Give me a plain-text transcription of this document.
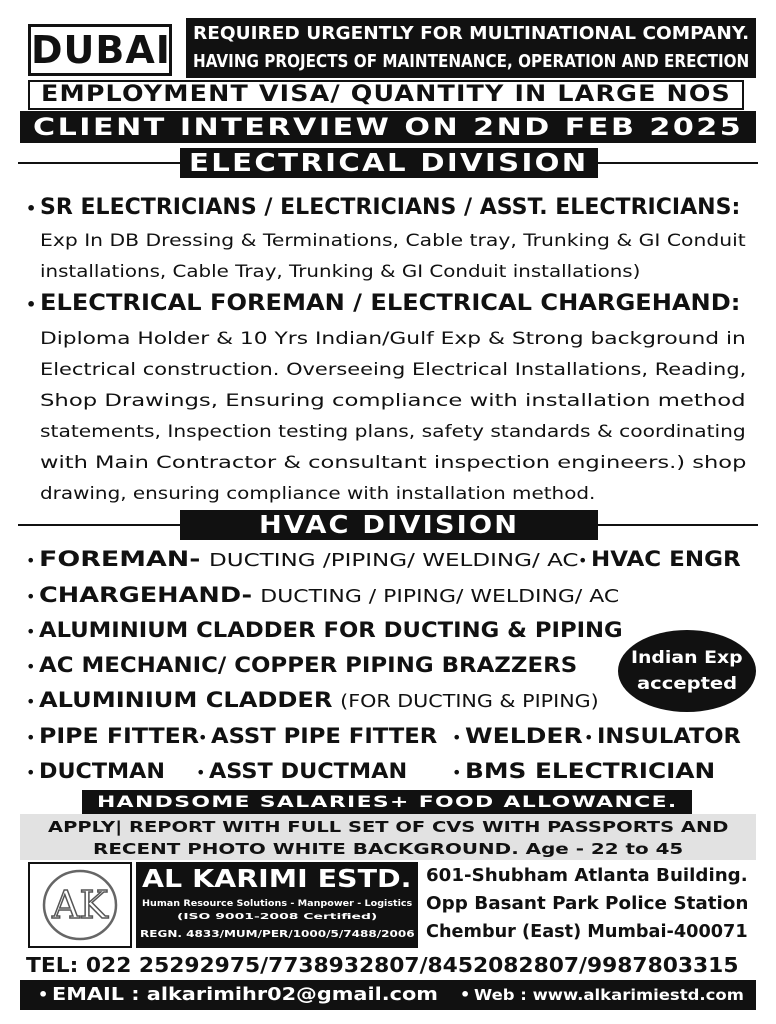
DUBAI	REQUIRED URGENTLY FOR MULTINATIONAL COMPANY.
HAVING PROJECTS OF MAINTENANCE, OPERATION AND ERECTION
EMPLOYMENT VISA/ QUANTITY IN LARGE NOS
CLIENT INTERVIEW ON 2ND FEB 2025
ELECTRICAL DIVISION
• SR ELECTRICIANS / ELECTRICIANS / ASST. ELECTRICIANS:

Exp In DB Dressing & Terminations, Cable tray, Trunking & GI Conduit

installations, Cable Tray, Trunking & GI Conduit installations)

• ELECTRICAL FOREMAN / ELECTRICAL CHARGEHAND:

Diploma Holder & 10 Yrs Indian/Gulf Exp & Strong background in

Electrical construction. Overseeing Electrical Installations, Reading,

Shop Drawings, Ensuring compliance with installation method

statements, Inspection testing plans, safety standards & coordinating

with Main Contractor & consultant inspection engineers.) shop

drawing, ensuring compliance with installation method.

HVAC DIVISION
• FOREMAN- DUCTING /PIPING/ WELDING/ AC • HVAC ENGR
• CHARGEHAND- DUCTING / PIPING/ WELDING/ AC
• ALUMINIUM CLADDER FOR DUCTING & PIPING
• AC MECHANIC/ COPPER PIPING BRAZZERS
• ALUMINIUM CLADDER (FOR DUCTING & PIPING)
• PIPE FITTER
• ASST PIPE FITTER • WELDER • INSULATOR
• DUCTMAN • ASST DUCTMAN	• BMS ELECTRICIAN
Indian Exp
accepted
HANDSOME SALARIES+ FOOD ALLOWANCE.
APPLY| REPORT WITH FULL SET OF CVS WITH PASSPORTS AND
RECENT PHOTO WHITE BACKGROUND. Age - 22 to 45
AK
AL KARIMI ESTD.
Human Resource Solutions - Manpower - Logistics
(ISO 9001-2008 Certified)
REGN. 4833/MUM/PER/1000/5/7488/2006
601-Shubham Atlanta Building.
Opp Basant Park Police Station
Chembur (East) Mumbai-400071
TEL: 022 25292975/7738932807/8452082807/9987803315
• EMAIL : alkarimihr02@gmail.com • Web : www.alkarimiestd.com
